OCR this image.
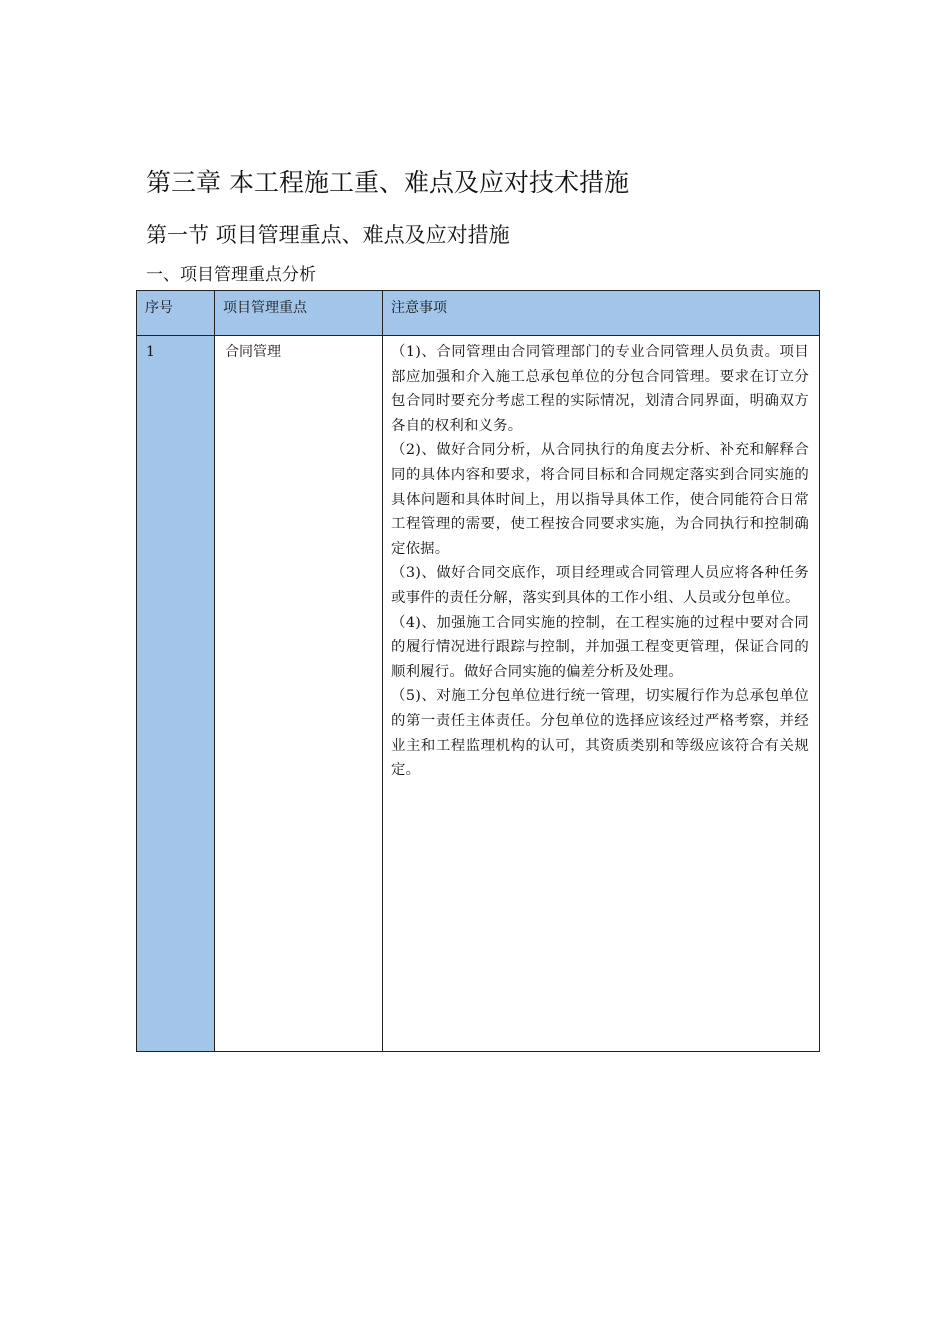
第三章 本工程施工重、难点及应对技术措施
第一节 项目管理重点、难点及应对措施
一、项目管理重点分析
序号	项目管理重点	注意事项
1	合同管理	（1)、合同管理由合同管理部门的专业合同管理人员负责。项目部应加强和介入施工总承包单位的分包合同管理。要求在订立分包合同时要充分考虑工程的实际情况，划清合同界面，明确双方各自的权利和义务。

（2)、做好合同分析，从合同执行的角度去分析、补充和解释合同的具体内容和要求，将合同目标和合同规定落实到合同实施的具体问题和具体时间上，用以指导具体工作，使合同能符合日常工程管理的需要，使工程按合同要求实施，为合同执行和控制确定依据。

（3)、做好合同交底作，项目经理或合同管理人员应将各种任务或事件的责任分解，落实到具体的工作小组、人员或分包单位。

（4)、加强施工合同实施的控制，在工程实施的过程中要对合同的履行情况进行跟踪与控制，并加强工程变更管理，保证合同的顺利履行。做好合同实施的偏差分析及处理。

（5)、对施工分包单位进行统一管理，切实履行作为总承包单位的第一责任主体责任。分包单位的选择应该经过严格考察，并经业主和工程监理机构的认可，其资质类别和等级应该符合有关规定。
